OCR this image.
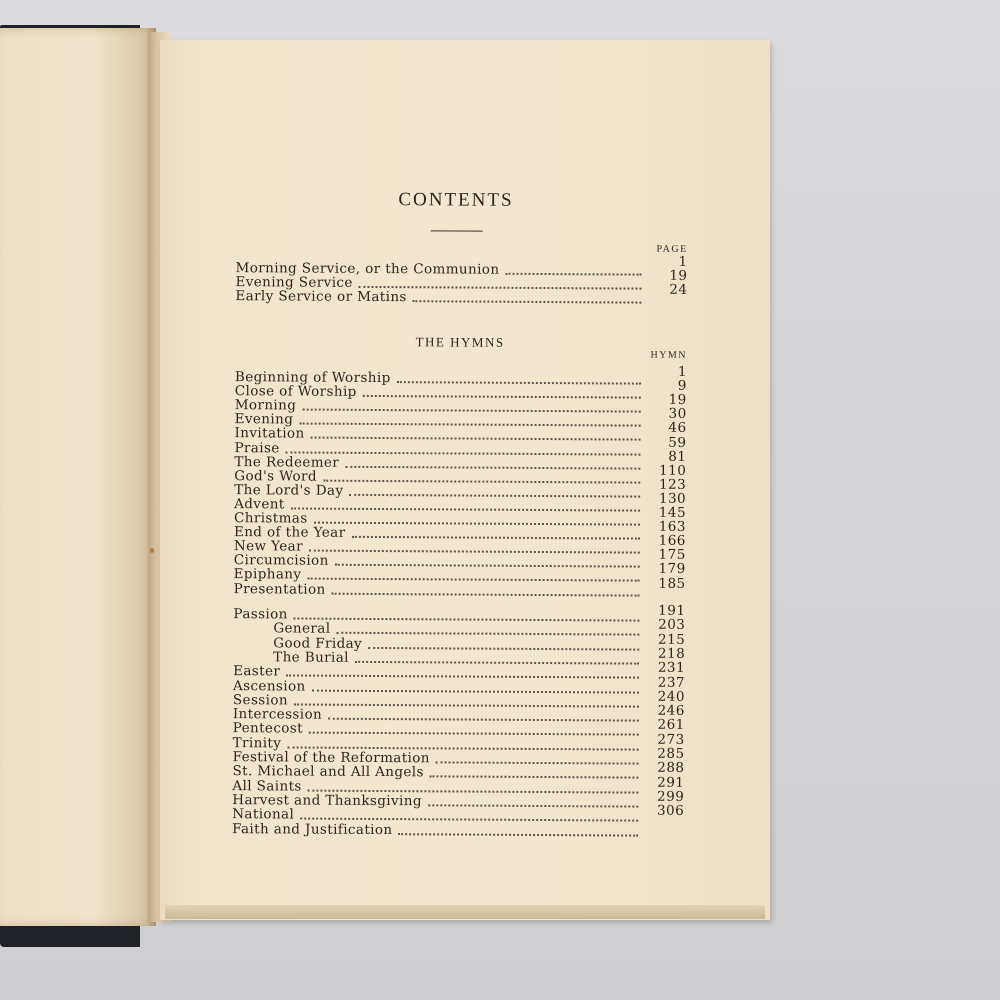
CONTENTS
PAGE
Morning Service, or the Communion	1
Evening Service	19
Early Service or Matins	24
THE HYMNS
HYMN
Beginning of Worship	1
Close of Worship	9
Morning	19
Evening	30
Invitation	46
Praise	59
The Redeemer	81
God's Word	110
The Lord's Day	123
Advent	130
Christmas	145
End of the Year	163
New Year	166
Circumcision	175
Epiphany	179
Presentation	185
Passion	191
General	203
Good Friday	215
The Burial	218
Easter	231
Ascension	237
Session	240
Intercession	246
Pentecost	261
Trinity	273
Festival of the Reformation	285
St. Michael and All Angels	288
All Saints	291
Harvest and Thanksgiving	299
National	306
Faith and Justification
